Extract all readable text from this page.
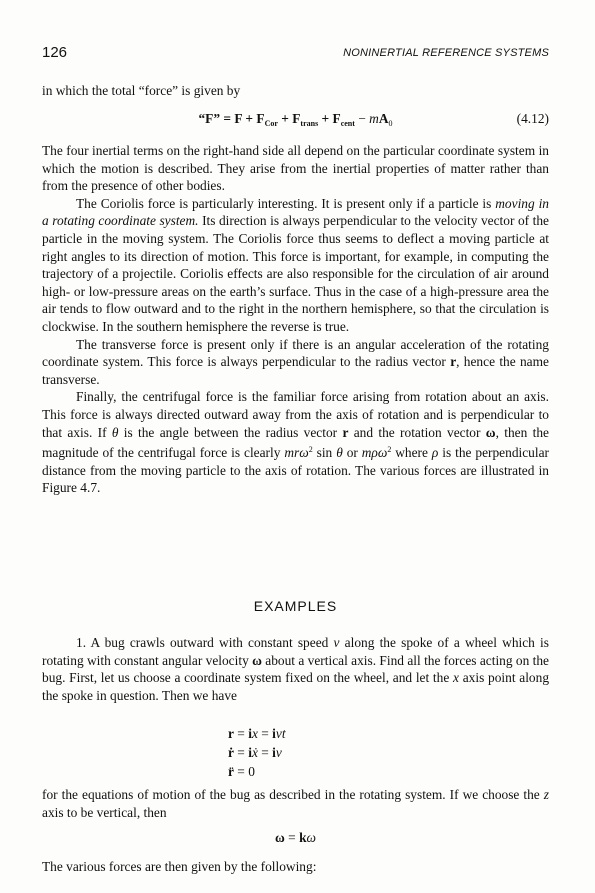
126	NONINERTIAL REFERENCE SYSTEMS

in which the total “force” is given by

“F” = $F + F_{Cor} + F_{trans} + F_{cent} - mA_0$	(4.12)

The four inertial terms on the right-hand side all depend on the particular coordinate system in which the motion is described. They arise from the inertial properties of matter rather than from the presence of other bodies.

The Coriolis force is particularly interesting. It is present only if a particle is moving in a rotating coordinate system. Its direction is always perpendicular to the velocity vector of the particle in the moving system. The Coriolis force thus seems to deflect a moving particle at right angles to its direction of motion. This force is important, for example, in computing the trajectory of a projectile. Coriolis effects are also responsible for the circulation of air around high- or low-pressure areas on the earth’s surface. Thus in the case of a high-pressure area the air tends to flow outward and to the right in the northern hemisphere, so that the circulation is clockwise. In the southern hemisphere the reverse is true.

The transverse force is present only if there is an angular acceleration of the rotating coordinate system. This force is always perpendicular to the radius vector r, hence the name transverse.

Finally, the centrifugal force is the familiar force arising from rotation about an axis. This force is always directed outward away from the axis of rotation and is perpendicular to that axis. If θ is the angle between the radius vector r and the rotation vector ω, then the magnitude of the centrifugal force is clearly mrω$^2$ sin θ or mρω$^2$ where ρ is the perpendicular distance from the moving particle to the axis of rotation. The various forces are illustrated in Figure 4.7.

EXAMPLES

1. A bug crawls outward with constant speed v along the spoke of a wheel which is rotating with constant angular velocity ω about a vertical axis. Find all the forces acting on the bug. First, let us choose a coordinate system fixed on the wheel, and let the x axis point along the spoke in question. Then we have

r = ix = ivt
ṙ = iẋ = iv
r̈ = 0

for the equations of motion of the bug as described in the rotating system. If we choose the z axis to be vertical, then

ω = kω

The various forces are then given by the following:
